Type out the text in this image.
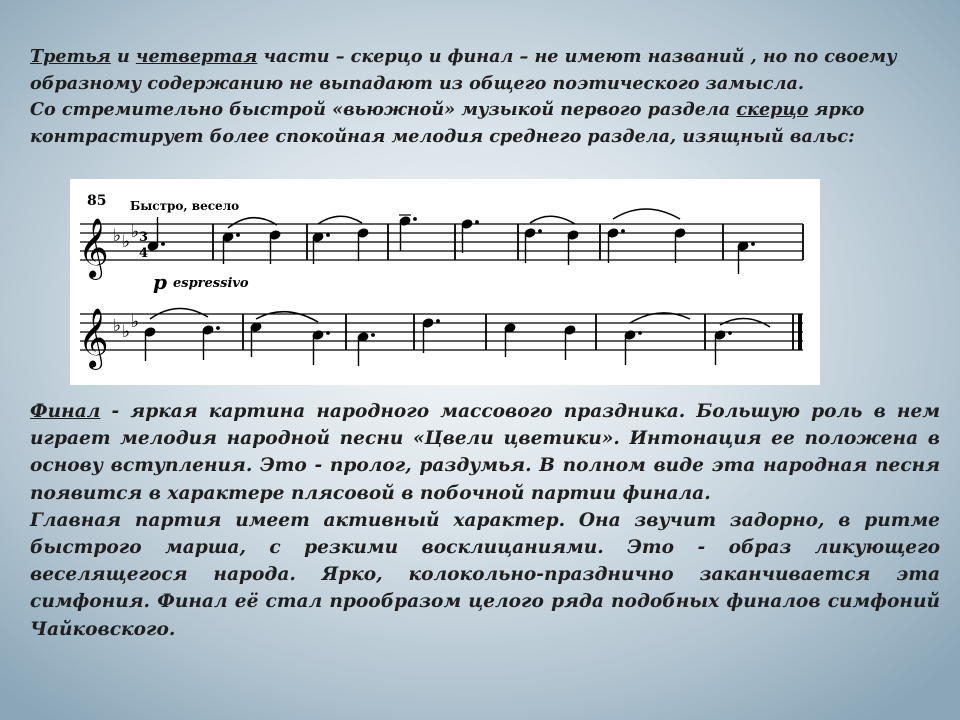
Третья и четвертая части – скерцо и финал – не имеют названий , но по своему
образному содержанию не выпадают из общего поэтического замысла.
Со стремительно быстрой «вьюжной» музыкой первого раздела скерцо ярко
контрастирует более спокойная мелодия среднего раздела, изящный вальс:
85 Быстро, весело
p espressivo
𝄞 ♭ ♭ ♭ 3
4
𝄞 ♭ ♭ ♭
Финал - яркая картина народного массового праздника. Большую роль в нем
играет мелодия народной песни «Цвели цветики». Интонация ее положена в
основу вступления. Это - пролог, раздумья. В полном виде эта народная песня
появится в характере плясовой в побочной партии финала.
Главная партия имеет активный характер. Она звучит задорно, в ритме
быстрого марша, с резкими восклицаниями. Это - образ ликующего
веселящегося народа. Ярко, колокольно-празднично заканчивается эта
симфония. Финал её стал прообразом целого ряда подобных финалов симфоний
Чайковского.
